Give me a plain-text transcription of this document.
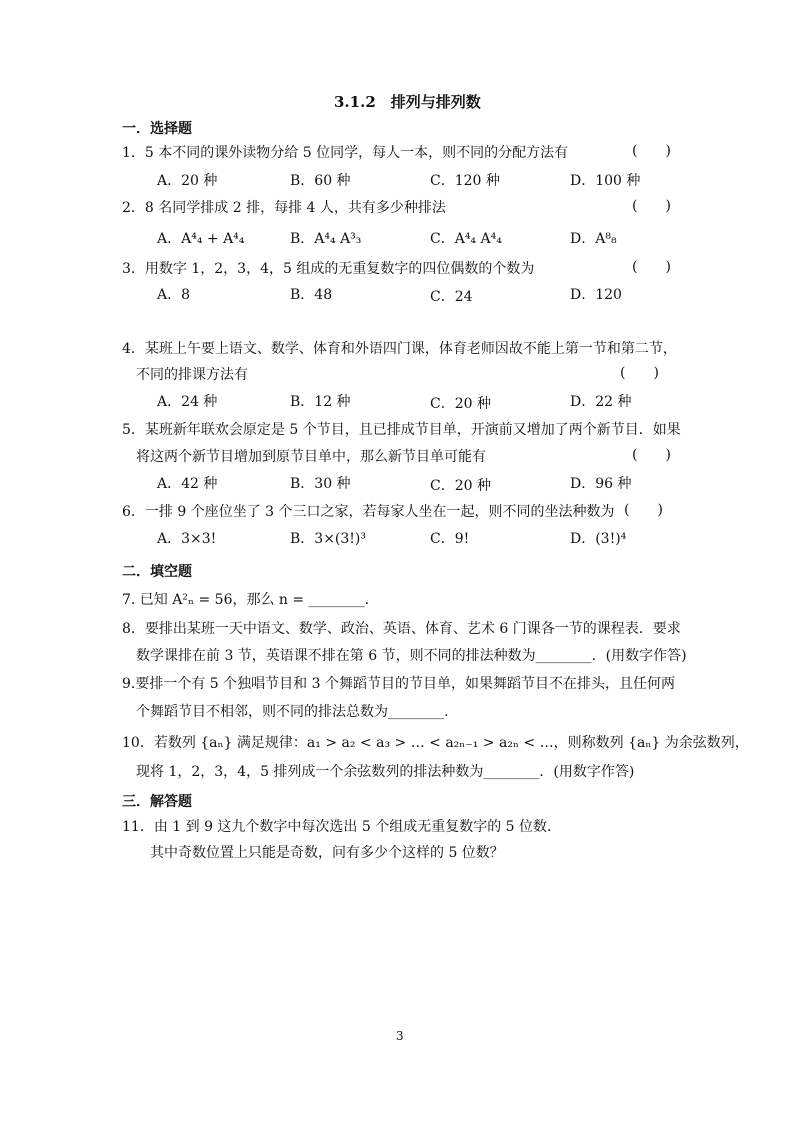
3.1.2　排列与排列数
一．选择题
1．5 本不同的课外读物分给 5 位同学，每人一本，则不同的分配方法有	(　　)
A．20 种	B．60 种	C．120 种	D．100 种
2．8 名同学排成 2 排，每排 4 人，共有多少种排法	(　　)
A．A⁴₄ + A⁴₄	B．A⁴₄ A³₃	C．A⁴₄ A⁴₄	D．A⁸₈
3．用数字 1，2，3，4，5 组成的无重复数字的四位偶数的个数为	(　　)
A．8	B．48	C．24	D．120
4．某班上午要上语文、数学、体育和外语四门课，体育老师因故不能上第一节和第二节，
不同的排课方法有	(　　)
A．24 种	B．12 种	C．20 种	D．22 种
5．某班新年联欢会原定是 5 个节目，且已排成节目单，开演前又增加了两个新节目．如果
将这两个新节目增加到原节目单中，那么新节目单可能有	(　　)
A．42 种	B．30 种	C．20 种	D．96 种
6．一排 9 个座位坐了 3 个三口之家，若每家人坐在一起，则不同的坐法种数为 (　　)
A．3×3!	B．3×(3!)³	C．9!	D．(3!)⁴
二．填空题
7. 已知 A²ₙ = 56，那么 n = ________.
8．要排出某班一天中语文、数学、政治、英语、体育、艺术 6 门课各一节的课程表．要求
数学课排在前 3 节，英语课不排在第 6 节，则不同的排法种数为________．(用数字作答)
9.要排一个有 5 个独唱节目和 3 个舞蹈节目的节目单，如果舞蹈节目不在排头，且任何两
个舞蹈节目不相邻，则不同的排法总数为________.
10．若数列 {aₙ} 满足规律：a₁ > a₂ < a₃ > … < a₂ₙ₋₁ > a₂ₙ < …，则称数列 {aₙ} 为余弦数列，
现将 1，2，3，4，5 排列成一个余弦数列的排法种数为________．(用数字作答)
三．解答题
11．由 1 到 9 这九个数字中每次选出 5 个组成无重复数字的 5 位数．
其中奇数位置上只能是奇数，问有多少个这样的 5 位数？
3
